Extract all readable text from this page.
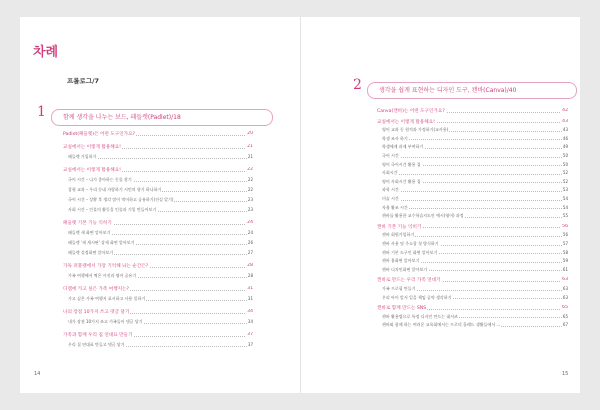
차례
프롤로그/7
1	함께 생각을 나누는 보드, 패들렛(Padlet)/18
2	생각을 쉽게 표현하는 디자인 도구, 캔바(Canva)/40
Padlet(패들렛)은 어떤 도구인가요?	20
교실에서는 이렇게 활용해요!	21
패들렛 가입하기	21
교실에서는 이렇게 활용해요!	22
국어 시간 – 나가 좋아하는 동물 찾기	22
창형 교과 – 우리 동네 자랑하기 시민의 향기 하나하기	22
국어 시간 – 상황 후 생각 말이 먹이하고 공유하기(진실 알기)	23
사회 시간 – 인물의 활동을 인물과 기밀 만들어보기	23
패들렛 기본 기능 익히기	24
패들렛 새 화면 알아보기	24
패들렛 '새 게시판' 상세 화면 알아보기	26
패들렛 설정화면 알아보기	27
가독 퍼블렛에서 가장 기억해 놔는 순간은?	28
가족 여행에서 찍은 사진과 영어 공유기	28
디렘에 가고 싶은 가족 여행지는?	31
가고 싶은 가족 여행지 표시하고 사용 일하기	31
나의 장점 10가지 쓰고 댓글 달기	34
내가 장점 10가지 쓰고 가족들이 댓글 달기	34
가족과 함께 우리 집 연대표 만들기	37
우리 집 연대표 만들고 댓글 달기	37
Canva(캔바)는 어떤 도구인가요?	42
교실에서는 이렇게 활용해요!	43
영어 교과 동 원격과 가정하기(교사용)	43
학생 조사 하기	46
학생에게 과제 부여하기	49
국어 시간	50
영어 국어시간 활용 집	50
사회시간	52
영어 사회시간 활용 집	52
과학 시간	53
미술 시간	54
자율 활조 시간	54
캔바를 활용한 교수학습지도안 예시(영어) 과정	55
캔바 기본 기능 익히기	56
캔바 회원가입하기	56
캔바 사용 및 주소창 첫 방식하기	57
캔바 기본 도구인 화면 알아보기	58
캔바 홈화면 알아보기	59
캔바 디자인화면 알아보기	61
캔바로 만드는 우리 가족 연대기	63
가족 프로필 만들기	63
우리 아이 앞서 일을 책임 공약 생각하기	63
캔바로 함께 만드는 SNS	65
캔바 활용법으로 특정 디자인 만드는 네서즈	65
캔바와 함께 하는 여러운 교육회에서는 프로덕 홀레드 생활들에서 ...	67
14	15
